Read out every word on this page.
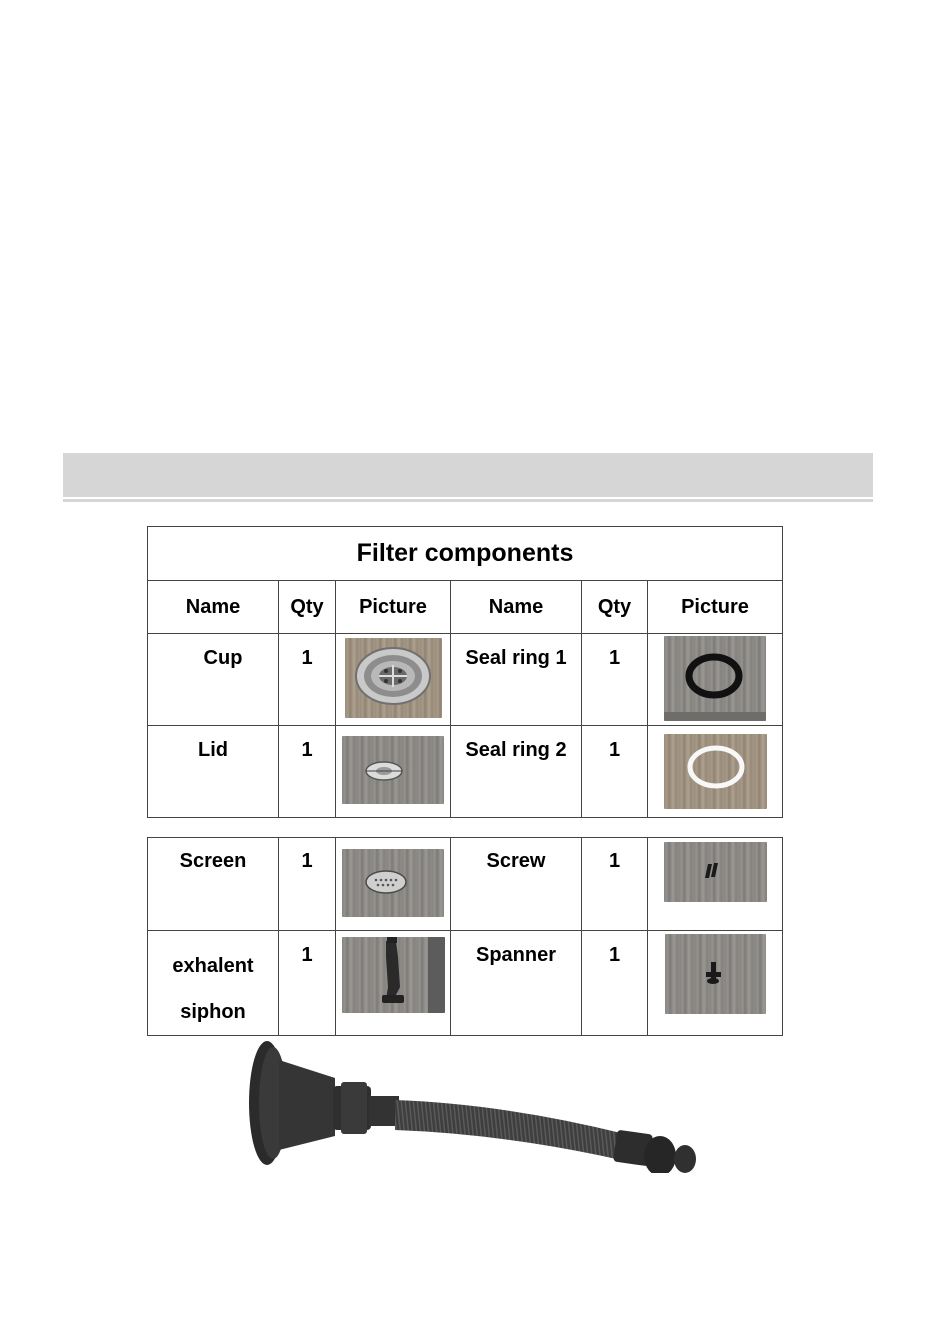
Filter components					
Name	Qty	Picture	Name	Qty	Picture

Cup	1		Seal ring 1	1

Lid	1		Seal ring 2	1

Screen	1		Screw	1

exhalent
siphon	1		Spanner	1
